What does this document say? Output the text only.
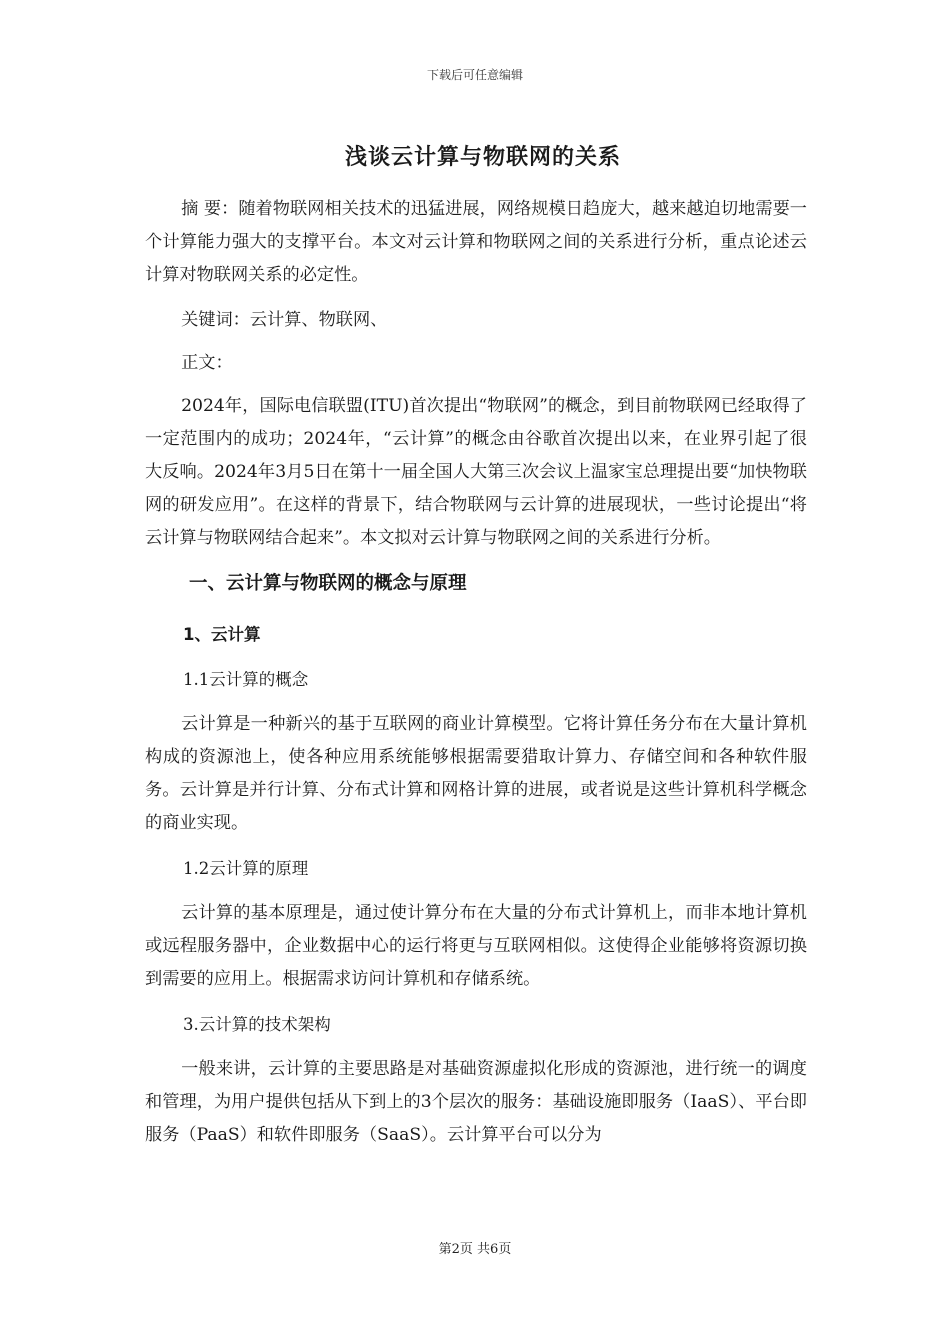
下载后可任意编辑
浅谈云计算与物联网的关系

摘 要：随着物联网相关技术的迅猛进展，网络规模日趋庞大，越来越迫切地需要一个计算能力强大的支撑平台。本文对云计算和物联网之间的关系进行分析，重点论述云计算对物联网关系的必定性。

关键词：云计算、物联网、

正文：

2024年，国际电信联盟(ITU)首次提出“物联网”的概念，到目前物联网已经取得了一定范围内的成功；2024年，“云计算”的概念由谷歌首次提出以来，在业界引起了很大反响。2024年3月5日在第十一届全国人大第三次会议上温家宝总理提出要“加快物联网的研发应用”。在这样的背景下，结合物联网与云计算的进展现状，一些讨论提出“将云计算与物联网结合起来”。本文拟对云计算与物联网之间的关系进行分析。

一、云计算与物联网的概念与原理
1、云计算
1.1云计算的概念

云计算是一种新兴的基于互联网的商业计算模型。它将计算任务分布在大量计算机构成的资源池上，使各种应用系统能够根据需要猎取计算力、存储空间和各种软件服务。云计算是并行计算、分布式计算和网格计算的进展，或者说是这些计算机科学概念的商业实现。

1.2云计算的原理

云计算的基本原理是，通过使计算分布在大量的分布式计算机上，而非本地计算机或远程服务器中，企业数据中心的运行将更与互联网相似。这使得企业能够将资源切换到需要的应用上。根据需求访问计算机和存储系统。

3.云计算的技术架构

一般来讲，云计算的主要思路是对基础资源虚拟化形成的资源池，进行统一的调度和管理，为用户提供包括从下到上的3个层次的服务：基础设施即服务（IaaS）、平台即服务（PaaS）和软件即服务（SaaS）。云计算平台可以分为

第2页 共6页
